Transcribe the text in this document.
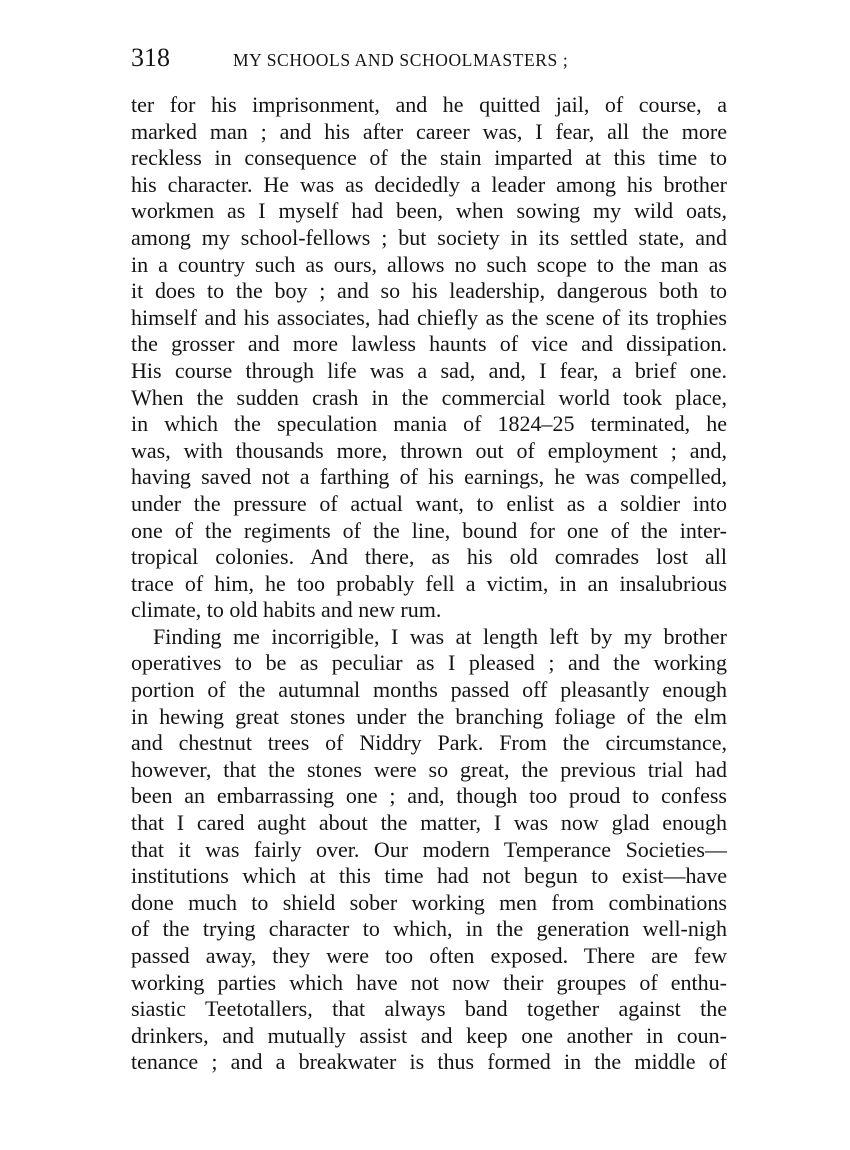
318	MY SCHOOLS AND SCHOOLMASTERS ;
ter for his imprisonment, and he quitted jail, of course, a
marked man ; and his after career was, I fear, all the more
reckless in consequence of the stain imparted at this time to
his character. He was as decidedly a leader among his brother
workmen as I myself had been, when sowing my wild oats,
among my school-fellows ; but society in its settled state, and
in a country such as ours, allows no such scope to the man as
it does to the boy ; and so his leadership, dangerous both to
himself and his associates, had chiefly as the scene of its trophies
the grosser and more lawless haunts of vice and dissipation.
His course through life was a sad, and, I fear, a brief one.
When the sudden crash in the commercial world took place,
in which the speculation mania of 1824–25 terminated, he
was, with thousands more, thrown out of employment ; and,
having saved not a farthing of his earnings, he was compelled,
under the pressure of actual want, to enlist as a soldier into
one of the regiments of the line, bound for one of the inter-
tropical colonies. And there, as his old comrades lost all
trace of him, he too probably fell a victim, in an insalubrious
climate, to old habits and new rum.
Finding me incorrigible, I was at length left by my brother
operatives to be as peculiar as I pleased ; and the working
portion of the autumnal months passed off pleasantly enough
in hewing great stones under the branching foliage of the elm
and chestnut trees of Niddry Park. From the circumstance,
however, that the stones were so great, the previous trial had
been an embarrassing one ; and, though too proud to confess
that I cared aught about the matter, I was now glad enough
that it was fairly over. Our modern Temperance Societies—
institutions which at this time had not begun to exist—have
done much to shield sober working men from combinations
of the trying character to which, in the generation well-nigh
passed away, they were too often exposed. There are few
working parties which have not now their groupes of enthu-
siastic Teetotallers, that always band together against the
drinkers, and mutually assist and keep one another in coun-
tenance ; and a breakwater is thus formed in the middle of
